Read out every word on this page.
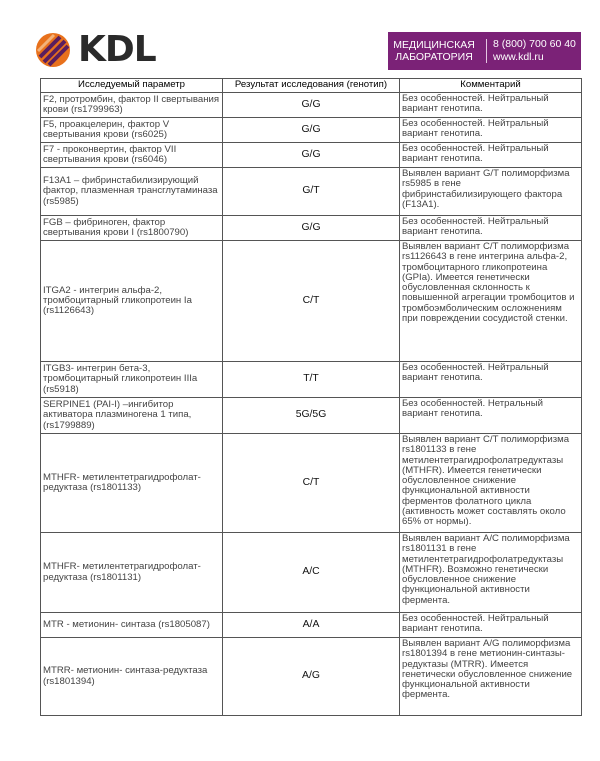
KDL	МЕДИЦИНСКАЯ
ЛАБОРАТОРИЯ
8 (800) 700 60 40
www.kdl.ru
Исследуемый параметр	Результат исследования (генотип)	Комментарий
F2, протромбин, фактор II свертывания крови (rs1799963)	G/G	Без особенностей. Нейтральный вариант генотипа.
F5, проакцелерин, фактор V свертывания крови (rs6025)	G/G	Без особенностей. Нейтральный вариант генотипа.
F7 - проконвертин, фактор VII свертывания крови (rs6046)	G/G	Без особенностей. Нейтральный вариант генотипа.
F13A1 – фибринстабилизирующий фактор, плазменная трансглутаминаза (rs5985)	G/T	Выявлен вариант G/T полиморфизма rs5985 в гене фибринстабилизирующего фактора (F13A1).
FGB – фибриноген, фактор свертывания крови I (rs1800790)	G/G	Без особенностей. Нейтральный вариант генотипа.
ITGA2 - интегрин альфа-2, тромбоцитарный гликопротеин Ia (rs1126643)	C/T	Выявлен вариант C/T полиморфизма rs1126643 в гене интегрина альфа-2, тромбоцитарного гликопротеина (GPIa). Имеется генетически обусловленная склонность к повышенной агрегации тромбоцитов и тромбоэмболическим осложнениям при повреждении сосудистой стенки.
ITGB3- интегрин бета-3, тромбоцитарный гликопротеин IIIa (rs5918)	T/T	Без особенностей. Нейтральный вариант генотипа.
SERPINE1 (PAI-I) –ингибитор активатора плазминогена 1 типа, (rs1799889)	5G/5G	Без особенностей. Нетральный вариант генотипа.
MTHFR- метилентетрагидрофолат-редуктаза (rs1801133)	C/T	Выявлен вариант C/T полиморфизма rs1801133 в гене метилентетрагидрофолатредуктазы (MTHFR). Имеется генетически обусловленное снижение функциональной активности ферментов фолатного цикла (активность может составлять около 65% от нормы).
MTHFR- метилентетрагидрофолат-редуктаза (rs1801131)	A/C	Выявлен вариант A/C полиморфизма rs1801131 в гене метилентетрагидрофолатредуктазы (MTHFR). Возможно генетически обусловленное снижение функциональной активности фермента.
MTR - метионин- синтаза (rs1805087)	A/A	Без особенностей. Нейтральный вариант генотипа.
MTRR- метионин- синтаза-редуктаза (rs1801394)	A/G	Выявлен вариант A/G полиморфизма rs1801394 в гене метионин-синтазы-редуктазы (MTRR). Имеется генетически обусловленное снижение функциональной активности фермента.
